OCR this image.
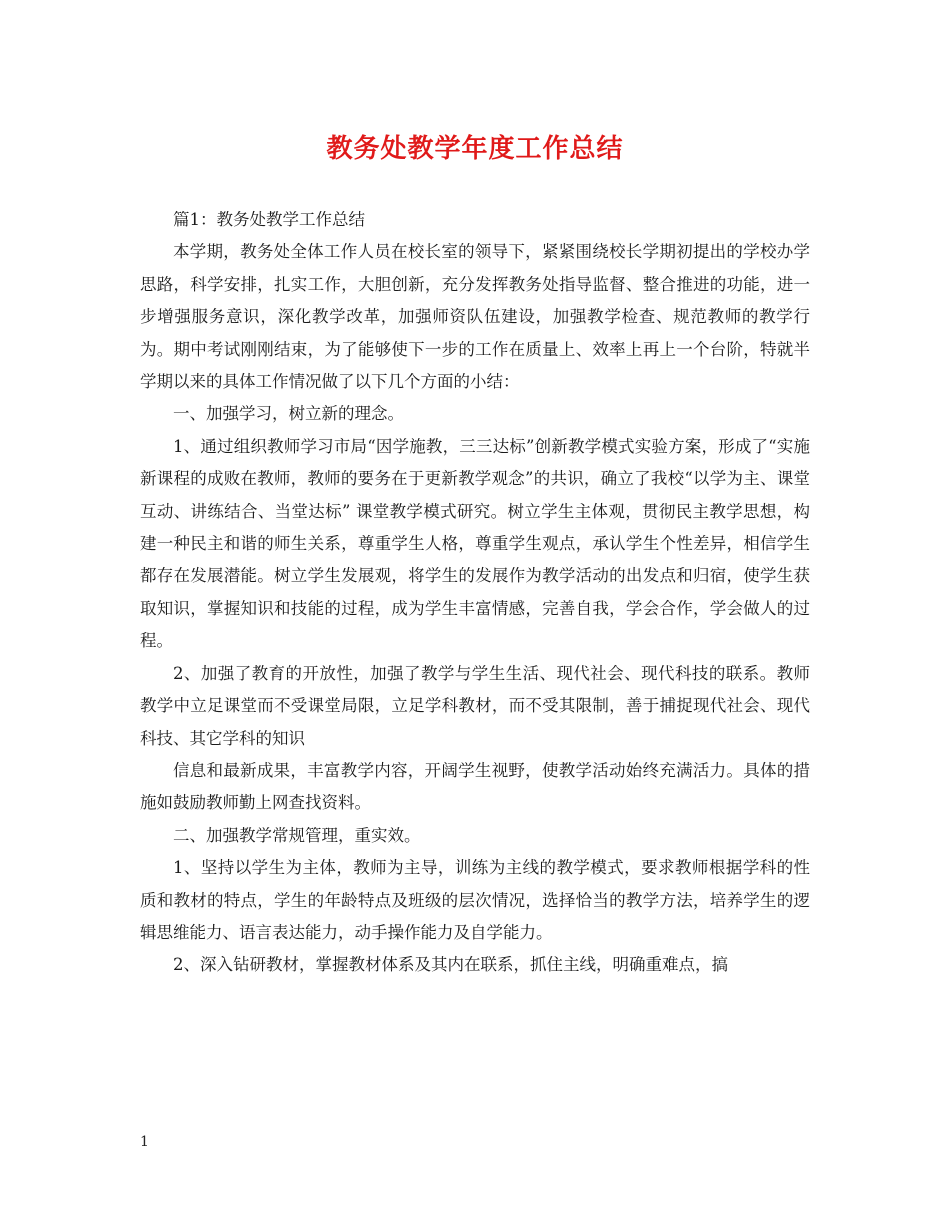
教务处教学年度工作总结

篇1：教务处教学工作总结

本学期，教务处全体工作人员在校长室的领导下，紧紧围绕校长学期初提出的学校办学思路，科学安排，扎实工作，大胆创新，充分发挥教务处指导监督、整合推进的功能，进一步增强服务意识，深化教学改革，加强师资队伍建设，加强教学检查、规范教师的教学行为。期中考试刚刚结束，为了能够使下一步的工作在质量上、效率上再上一个台阶，特就半学期以来的具体工作情况做了以下几个方面的小结：

一、加强学习，树立新的理念。

1、通过组织教师学习市局“因学施教，三三达标”创新教学模式实验方案，形成了“实施新课程的成败在教师，教师的要务在于更新教学观念”的共识，确立了我校“以学为主、课堂互动、讲练结合、当堂达标” 课堂教学模式研究。树立学生主体观，贯彻民主教学思想，构建一种民主和谐的师生关系，尊重学生人格，尊重学生观点，承认学生个性差异，相信学生都存在发展潜能。树立学生发展观，将学生的发展作为教学活动的出发点和归宿，使学生获取知识，掌握知识和技能的过程，成为学生丰富情感，完善自我，学会合作，学会做人的过程。

2、加强了教育的开放性，加强了教学与学生生活、现代社会、现代科技的联系。教师教学中立足课堂而不受课堂局限，立足学科教材，而不受其限制，善于捕捉现代社会、现代科技、其它学科的知识

信息和最新成果，丰富教学内容，开阔学生视野，使教学活动始终充满活力。具体的措施如鼓励教师勤上网查找资料。

二、加强教学常规管理，重实效。

1、坚持以学生为主体，教师为主导，训练为主线的教学模式，要求教师根据学科的性质和教材的特点，学生的年龄特点及班级的层次情况，选择恰当的教学方法，培养学生的逻辑思维能力、语言表达能力，动手操作能力及自学能力。

2、深入钻研教材，掌握教材体系及其内在联系，抓住主线，明确重难点，搞

1
